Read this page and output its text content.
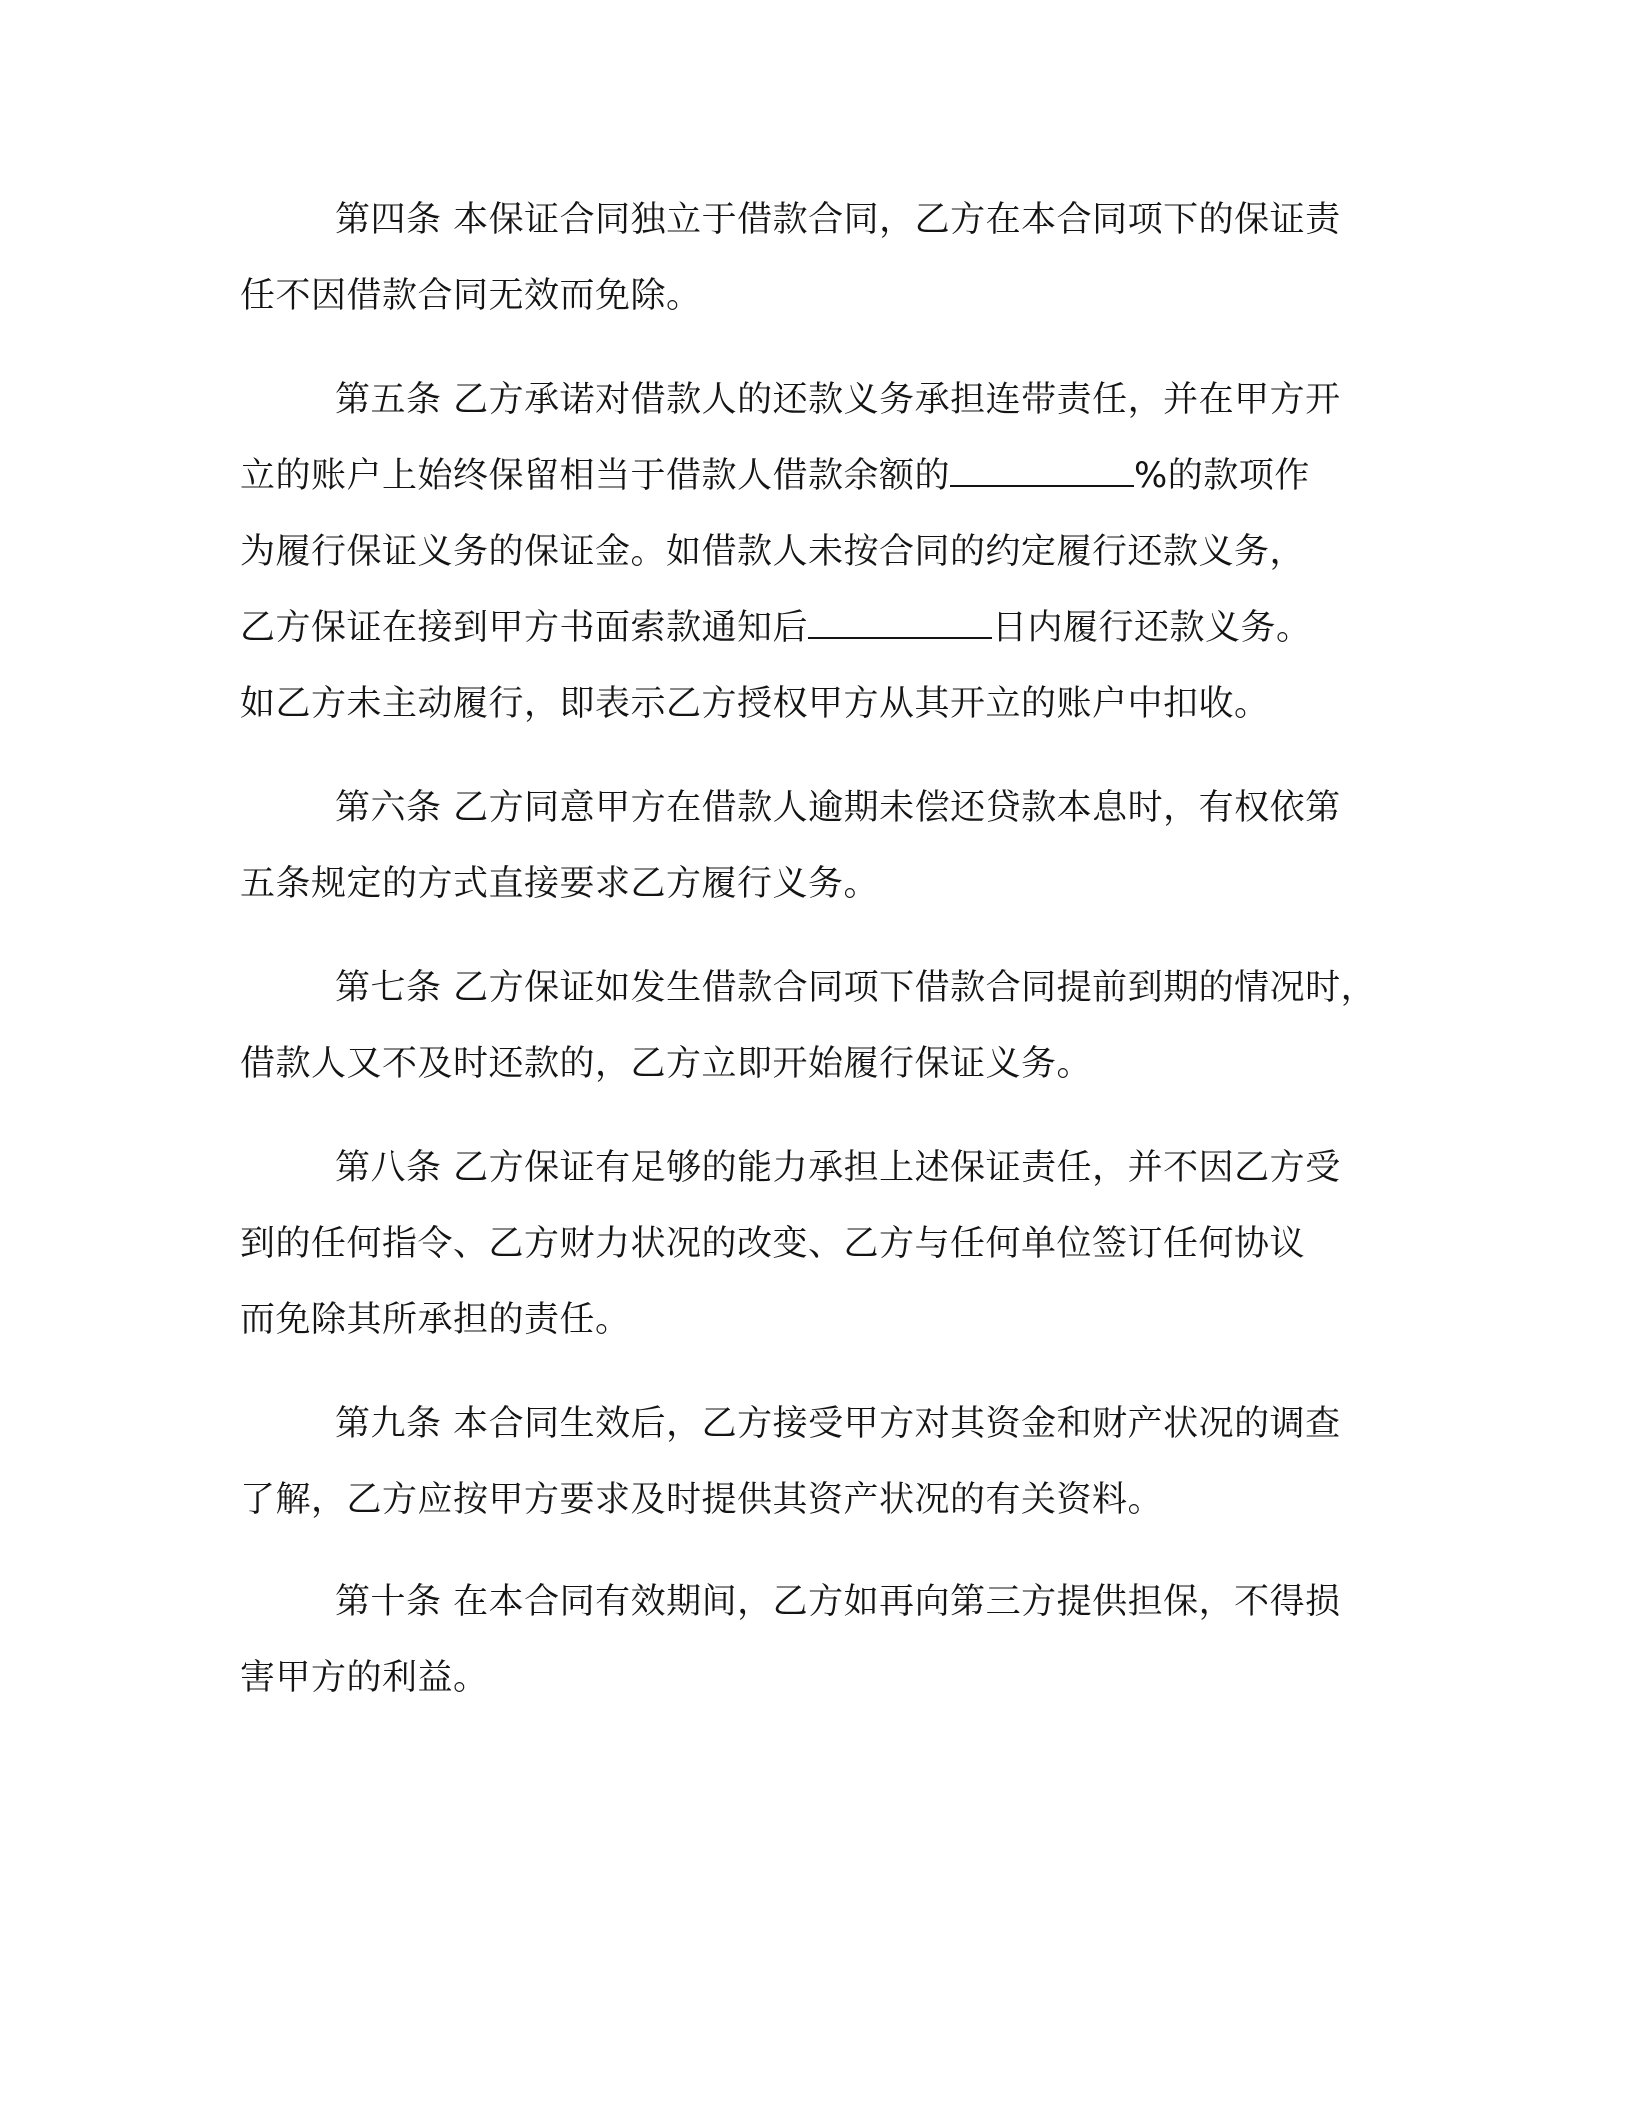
第四条 本保证合同独立于借款合同，乙方在本合同项下的保证责
任不因借款合同无效而免除。
第五条 乙方承诺对借款人的还款义务承担连带责任，并在甲方开
立的账户上始终保留相当于借款人借款余额的	%的款项作
为履行保证义务的保证金。如借款人未按合同的约定履行还款义务，
乙方保证在接到甲方书面索款通知后	日内履行还款义务。
如乙方未主动履行，即表示乙方授权甲方从其开立的账户中扣收。
第六条 乙方同意甲方在借款人逾期未偿还贷款本息时，有权依第
五条规定的方式直接要求乙方履行义务。
第七条 乙方保证如发生借款合同项下借款合同提前到期的情况时，
借款人又不及时还款的，乙方立即开始履行保证义务。
第八条 乙方保证有足够的能力承担上述保证责任，并不因乙方受
到的任何指令、乙方财力状况的改变、乙方与任何单位签订任何协议
而免除其所承担的责任。
第九条 本合同生效后，乙方接受甲方对其资金和财产状况的调查
了解，乙方应按甲方要求及时提供其资产状况的有关资料。
第十条 在本合同有效期间，乙方如再向第三方提供担保，不得损
害甲方的利益。
